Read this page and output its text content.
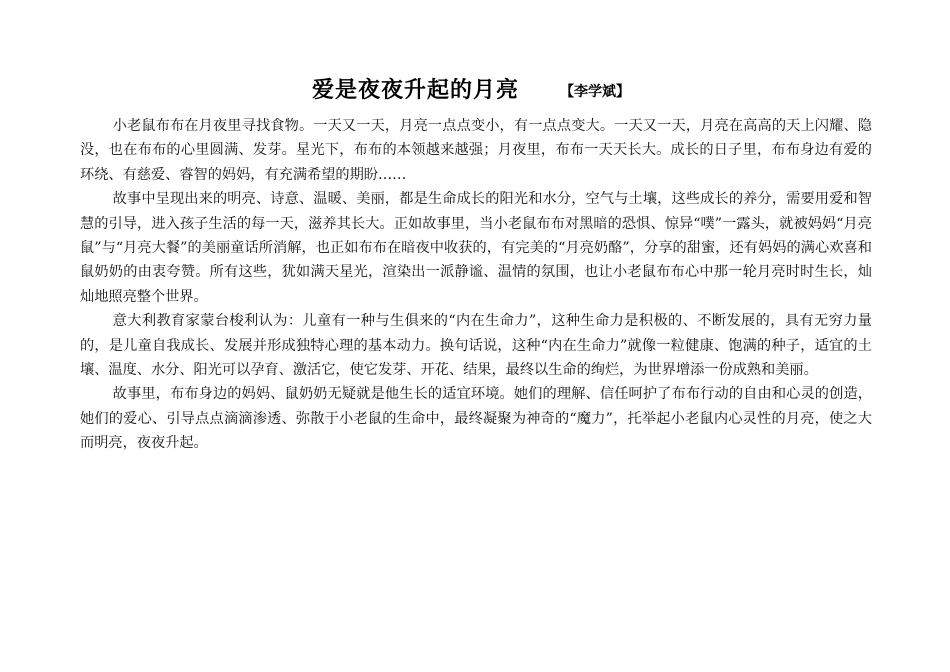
爱是夜夜升起的月亮	【李学斌】

小老鼠布布在月夜里寻找食物。一天又一天，月亮一点点变小，有一点点变大。一天又一天，月亮在高高的天上闪耀、隐没，也在布布的心里圆满、发芽。星光下，布布的本领越来越强；月夜里，布布一天天长大。成长的日子里，布布身边有爱的环绕、有慈爱、睿智的妈妈，有充满希望的期盼……

故事中呈现出来的明亮、诗意、温暖、美丽，都是生命成长的阳光和水分，空气与土壤，这些成长的养分，需要用爱和智慧的引导，进入孩子生活的每一天，滋养其长大。正如故事里，当小老鼠布布对黑暗的恐惧、惊异“噗”一露头，就被妈妈“月亮鼠”与“月亮大餐”的美丽童话所消解，也正如布布在暗夜中收获的，有完美的“月亮奶酪”，分享的甜蜜，还有妈妈的满心欢喜和鼠奶奶的由衷夸赞。所有这些，犹如满天星光，渲染出一派静谧、温情的氛围，也让小老鼠布布心中那一轮月亮时时生长，灿灿地照亮整个世界。

意大利教育家蒙台梭利认为：儿童有一种与生俱来的“内在生命力”，这种生命力是积极的、不断发展的，具有无穷力量的，是儿童自我成长、发展并形成独特心理的基本动力。换句话说，这种“内在生命力”就像一粒健康、饱满的种子，适宜的土壤、温度、水分、阳光可以孕育、激活它，使它发芽、开花、结果，最终以生命的绚烂，为世界增添一份成熟和美丽。

故事里，布布身边的妈妈、鼠奶奶无疑就是他生长的适宜环境。她们的理解、信任呵护了布布行动的自由和心灵的创造，她们的爱心、引导点点滴滴渗透、弥散于小老鼠的生命中，最终凝聚为神奇的“魔力”，托举起小老鼠内心灵性的月亮，使之大而明亮，夜夜升起。
